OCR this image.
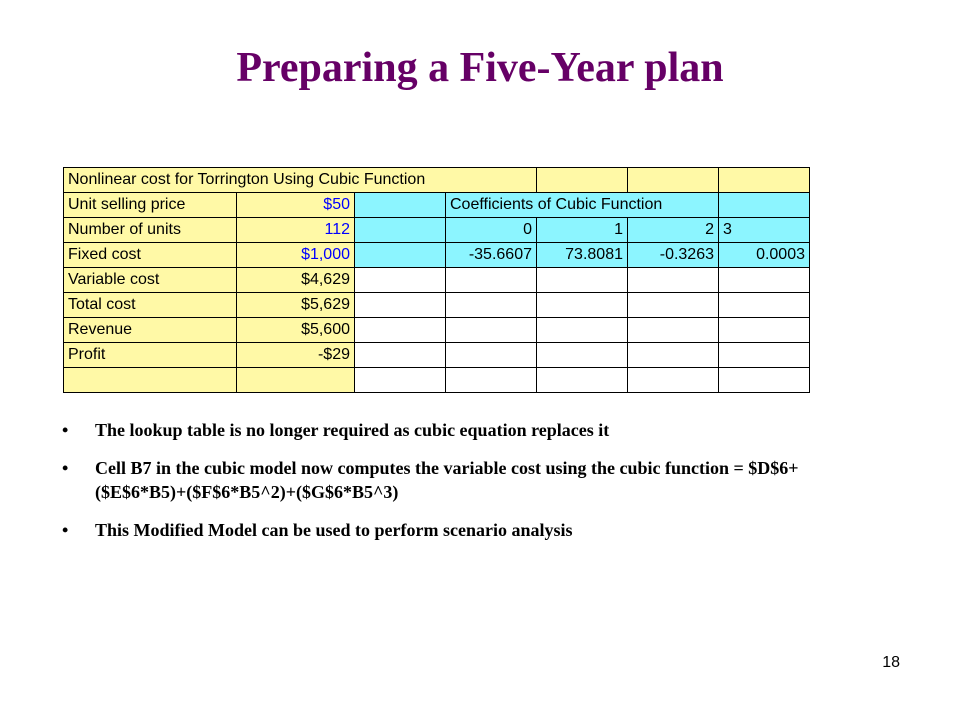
Preparing a Five-Year plan
Nonlinear cost for Torrington Using Cubic Function						
Unit selling price	$50		Coefficients of Cubic Function			
Number of units	112		0	1	2	3
Fixed cost	$1,000		-35.6607	73.8081	-0.3263	0.0003
Variable cost	$4,629					
Total cost	$5,629					
Revenue	$5,600					
Profit	-$29					

• The lookup table is no longer required as cubic equation replaces it
• Cell B7 in the cubic model now computes the variable cost using the cubic function = $D$6+($E$6*B5)+($F$6*B5^2)+($G$6*B5^3)
• This Modified Model can be used to perform scenario analysis
18
